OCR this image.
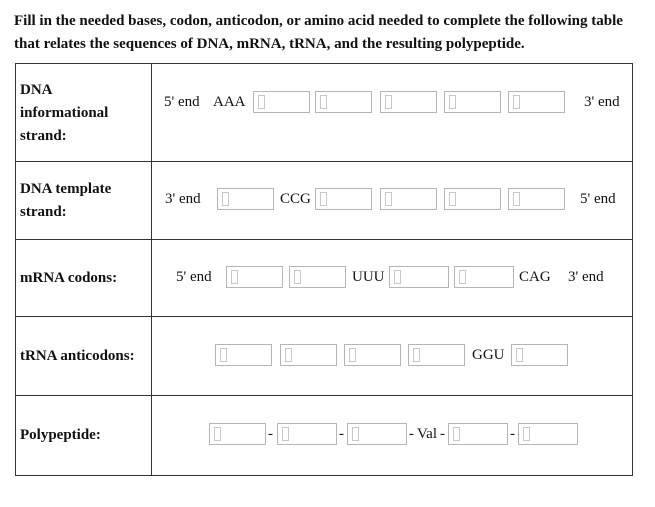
Fill in the needed bases, codon, anticodon, or amino acid needed to complete the following table that relates the sequences of DNA, mRNA, tRNA, and the resulting polypeptide.

DNA
informational
strand:
5' end AAA	3' end
DNA template
strand:
3' end	CCG	5' end
mRNA codons:	5' end	UUU	CAG 3' end
tRNA anticodons:	GGU
Polypeptide:	-	-	- Val -	-
